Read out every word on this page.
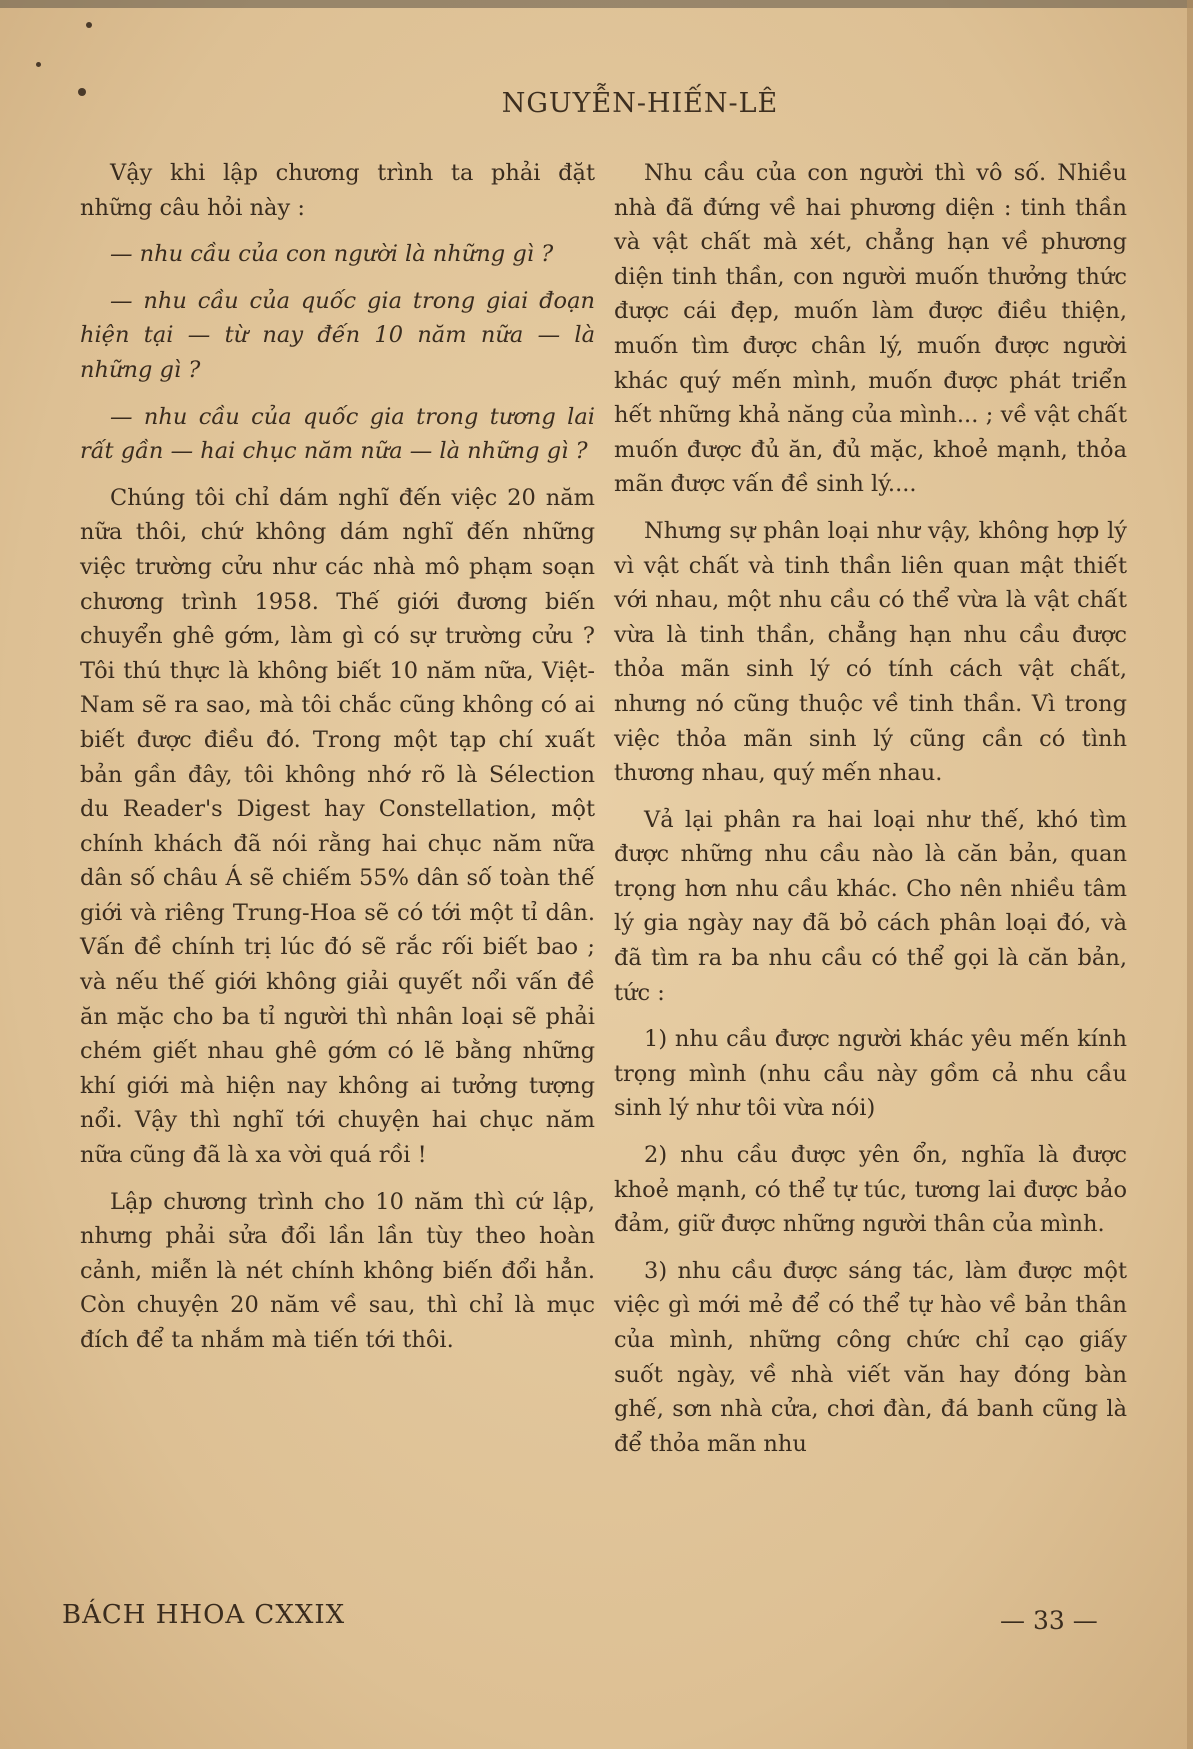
NGUYỄN-HIẾN-LÊ

Vậy khi lập chương trình ta phải đặt những câu hỏi này :

— nhu cầu của con người là những gì ?

— nhu cầu của quốc gia trong giai đoạn hiện tại — từ nay đến 10 năm nữa — là những gì ?

— nhu cầu của quốc gia trong tương lai rất gần — hai chục năm nữa — là những gì ?

Chúng tôi chỉ dám nghĩ đến việc 20 năm nữa thôi, chứ không dám nghĩ đến những việc trường cửu như các nhà mô phạm soạn chương trình 1958. Thế giới đương biến chuyển ghê gớm, làm gì có sự trường cửu ? Tôi thú thực là không biết 10 năm nữa, Việt-Nam sẽ ra sao, mà tôi chắc cũng không có ai biết được điều đó. Trong một tạp chí xuất bản gần đây, tôi không nhớ rõ là Sélection du Reader's Digest hay Constellation, một chính khách đã nói rằng hai chục năm nữa dân số châu Á sẽ chiếm 55% dân số toàn thế giới và riêng Trung-Hoa sẽ có tới một tỉ dân. Vấn đề chính trị lúc đó sẽ rắc rối biết bao ; và nếu thế giới không giải quyết nổi vấn đề ăn mặc cho ba tỉ người thì nhân loại sẽ phải chém giết nhau ghê gớm có lẽ bằng những khí giới mà hiện nay không ai tưởng tượng nổi. Vậy thì nghĩ tới chuyện hai chục năm nữa cũng đã là xa vời quá rồi !

Lập chương trình cho 10 năm thì cứ lập, nhưng phải sửa đổi lần lần tùy theo hoàn cảnh, miễn là nét chính không biến đổi hẳn. Còn chuyện 20 năm về sau, thì chỉ là mục đích để ta nhắm mà tiến tới thôi.

Nhu cầu của con người thì vô số. Nhiều nhà đã đứng về hai phương diện : tinh thần và vật chất mà xét, chẳng hạn về phương diện tinh thần, con người muốn thưởng thức được cái đẹp, muốn làm được điều thiện, muốn tìm được chân lý, muốn được người khác quý mến mình, muốn được phát triển hết những khả năng của mình... ; về vật chất muốn được đủ ăn, đủ mặc, khoẻ mạnh, thỏa mãn được vấn đề sinh lý....

Nhưng sự phân loại như vậy, không hợp lý vì vật chất và tinh thần liên quan mật thiết với nhau, một nhu cầu có thể vừa là vật chất vừa là tinh thần, chẳng hạn nhu cầu được thỏa mãn sinh lý có tính cách vật chất, nhưng nó cũng thuộc về tinh thần. Vì trong việc thỏa mãn sinh lý cũng cần có tình thương nhau, quý mến nhau.

Vả lại phân ra hai loại như thế, khó tìm được những nhu cầu nào là căn bản, quan trọng hơn nhu cầu khác. Cho nên nhiều tâm lý gia ngày nay đã bỏ cách phân loại đó, và đã tìm ra ba nhu cầu có thể gọi là căn bản, tức :

1) nhu cầu được người khác yêu mến kính trọng mình (nhu cầu này gồm cả nhu cầu sinh lý như tôi vừa nói)

2) nhu cầu được yên ổn, nghĩa là được khoẻ mạnh, có thể tự túc, tương lai được bảo đảm, giữ được những người thân của mình.

3) nhu cầu được sáng tác, làm được một việc gì mới mẻ để có thể tự hào về bản thân của mình, những công chức chỉ cạo giấy suốt ngày, về nhà viết văn hay đóng bàn ghế, sơn nhà cửa, chơi đàn, đá banh cũng là để thỏa mãn nhu

BÁCH HHOA CXXIX	— 33 —
